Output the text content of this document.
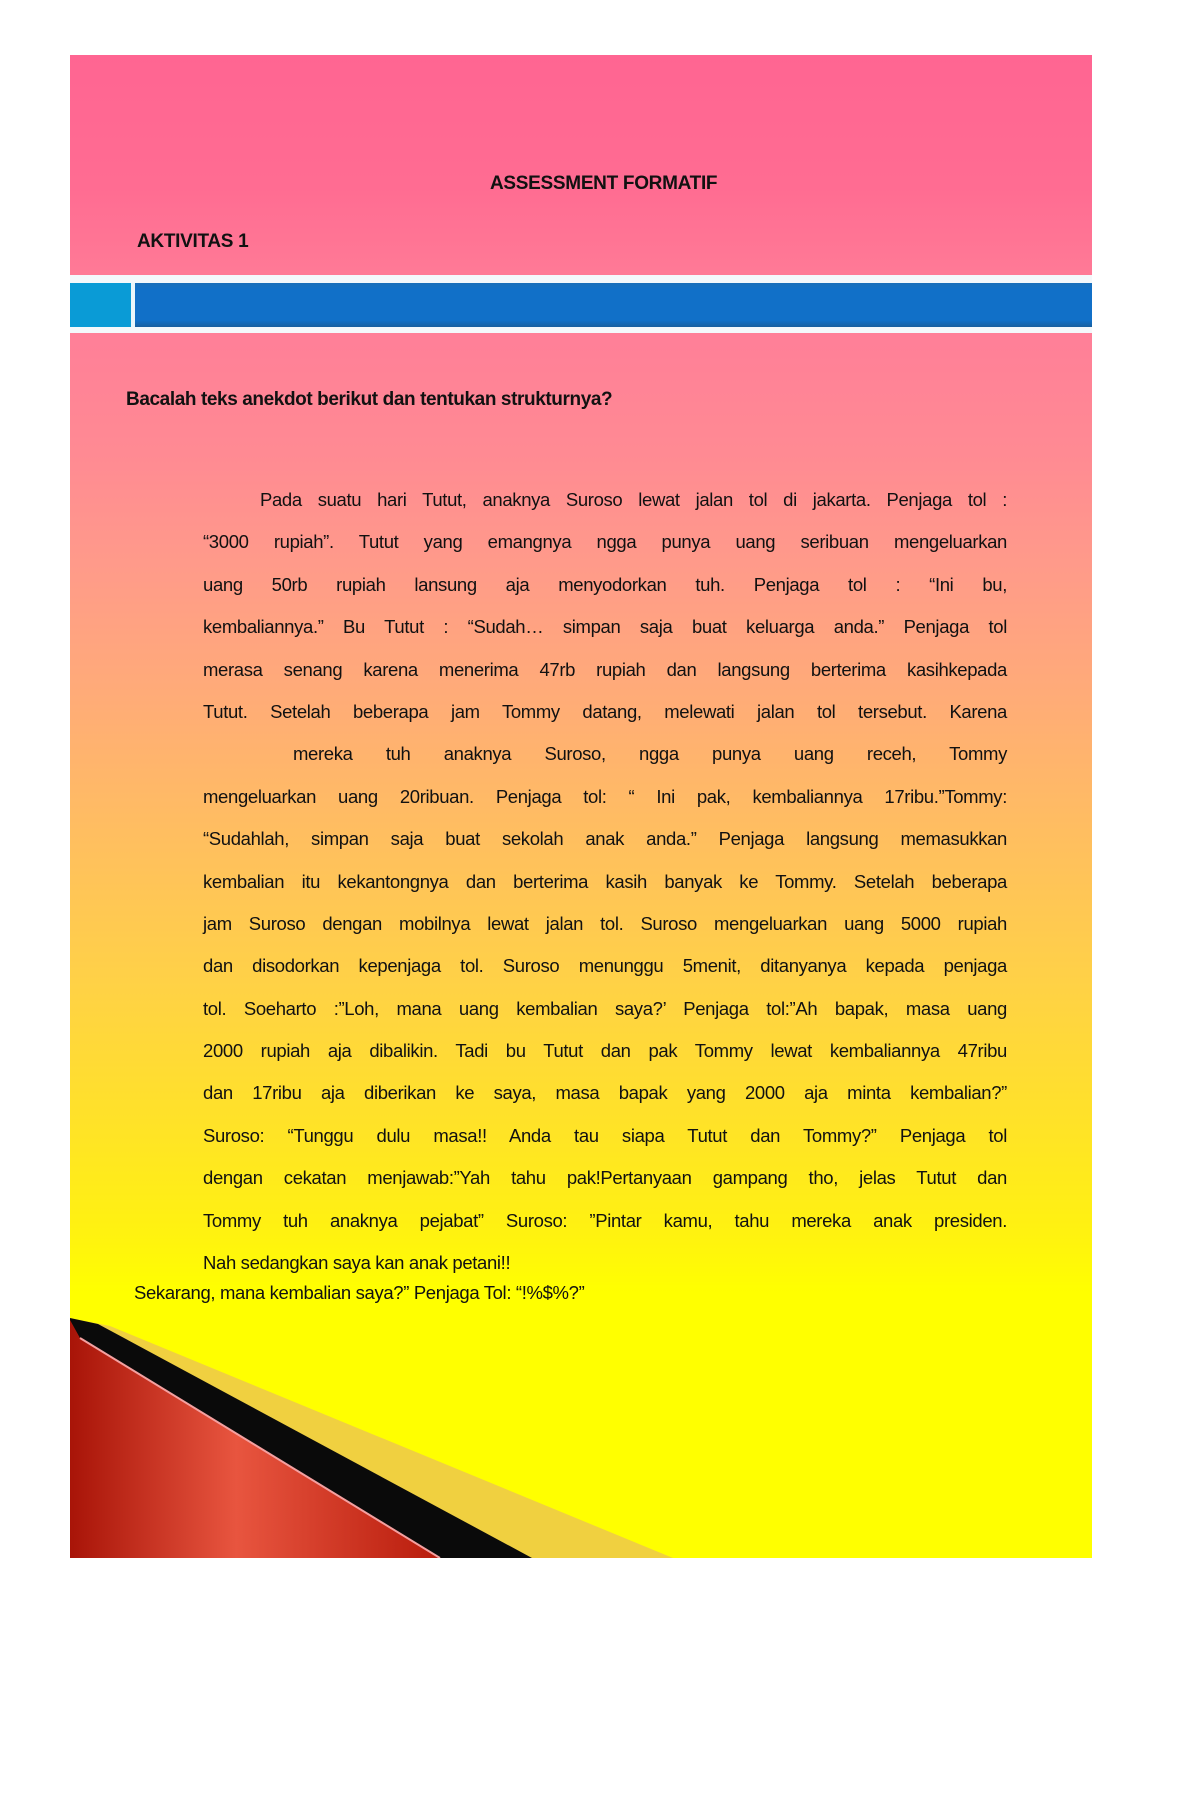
ASSESSMENT FORMATIF
AKTIVITAS 1
Bacalah teks anekdot berikut dan tentukan strukturnya?
Pada suatu hari Tutut, anaknya Suroso lewat jalan tol di jakarta. Penjaga tol :
“3000 rupiah”. Tutut yang emangnya ngga punya uang seribuan mengeluarkan
uang 50rb rupiah lansung aja menyodorkan tuh. Penjaga tol : “Ini bu,
kembaliannya.” Bu Tutut : “Sudah… simpan saja buat keluarga anda.” Penjaga tol
merasa senang karena menerima 47rb rupiah dan langsung berterima kasihkepada
Tutut. Setelah beberapa jam Tommy datang, melewati jalan tol tersebut. Karena
mereka tuh anaknya Suroso, ngga punya uang receh, Tommy
mengeluarkan uang 20ribuan. Penjaga tol: “ Ini pak, kembaliannya 17ribu.”Tommy:
“Sudahlah, simpan saja buat sekolah anak anda.” Penjaga langsung memasukkan
kembalian itu kekantongnya dan berterima kasih banyak ke Tommy. Setelah beberapa
jam Suroso dengan mobilnya lewat jalan tol. Suroso mengeluarkan uang 5000 rupiah
dan disodorkan kepenjaga tol. Suroso menunggu 5menit, ditanyanya kepada penjaga
tol. Soeharto :”Loh, mana uang kembalian saya?’ Penjaga tol:”Ah bapak, masa uang
2000 rupiah aja dibalikin. Tadi bu Tutut dan pak Tommy lewat kembaliannya 47ribu
dan 17ribu aja diberikan ke saya, masa bapak yang 2000 aja minta kembalian?”
Suroso: “Tunggu dulu masa!! Anda tau siapa Tutut dan Tommy?” Penjaga tol
dengan cekatan menjawab:”Yah tahu pak!Pertanyaan gampang tho, jelas Tutut dan
Tommy tuh anaknya pejabat” Suroso: ”Pintar kamu, tahu mereka anak presiden.
Nah sedangkan saya kan anak petani!!
Sekarang, mana kembalian saya?” Penjaga Tol: “!%$%?”
